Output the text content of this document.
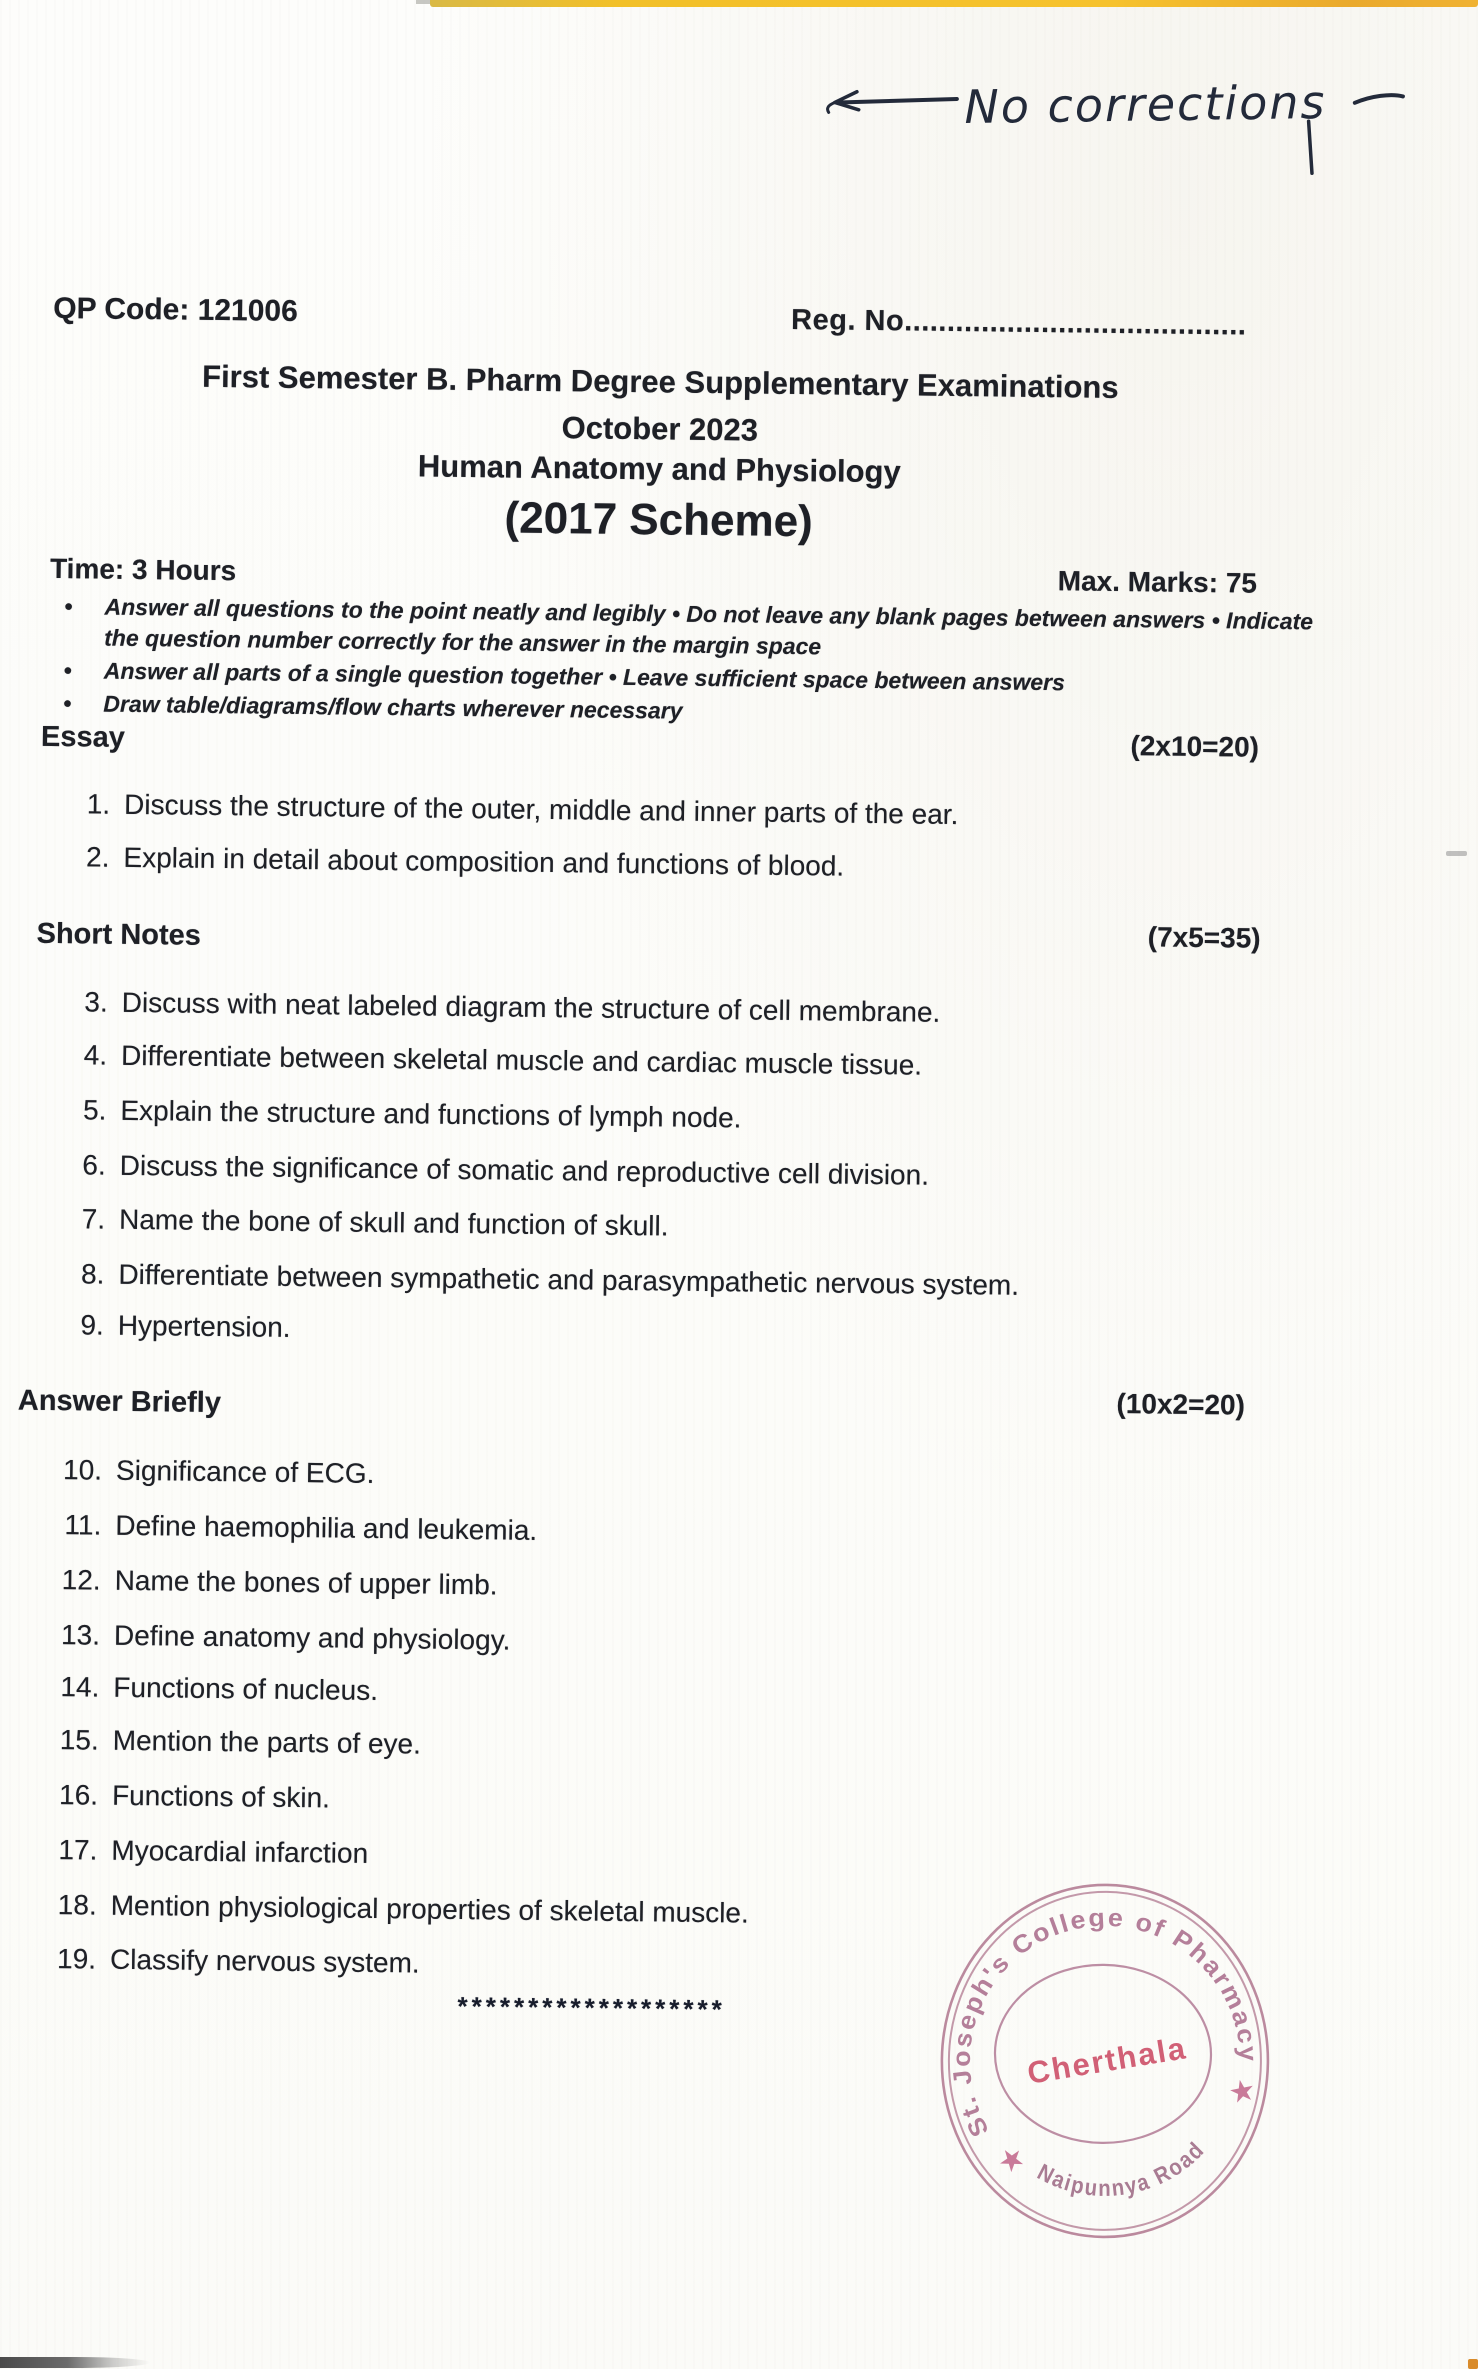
No corrections
QP Code: 121006	Reg. No........................................
First Semester B. Pharm Degree Supplementary Examinations
October 2023
Human Anatomy and Physiology
(2017 Scheme)
Time: 3 Hours	Max. Marks: 75
•	Answer all questions to the point neatly and legibly • Do not leave any blank pages between answers • Indicate the question number correctly for the answer in the margin space
•	Answer all parts of a single question together • Leave sufficient space between answers
•	Draw table/diagrams/flow charts wherever necessary
Essay	(2x10=20)
1. Discuss the structure of the outer, middle and inner parts of the ear.
2. Explain in detail about composition and functions of blood.
Short Notes	(7x5=35)
3. Discuss with neat labeled diagram the structure of cell membrane.
4. Differentiate between skeletal muscle and cardiac muscle tissue.
5. Explain the structure and functions of lymph node.
6. Discuss the significance of somatic and reproductive cell division.
7. Name the bone of skull and function of skull.
8. Differentiate between sympathetic and parasympathetic nervous system.
9. Hypertension.
Answer Briefly	(10x2=20)
10. Significance of ECG.
11. Define haemophilia and leukemia.
12. Name the bones of upper limb.
13. Define anatomy and physiology.
14. Functions of nucleus.
15. Mention the parts of eye.
16. Functions of skin.
17. Myocardial infarction
18. Mention physiological properties of skeletal muscle.
19. Classify nervous system.
*******************
St. Joseph's College of Pharmacy
Naipunnya Road
★
★
Cherthala
